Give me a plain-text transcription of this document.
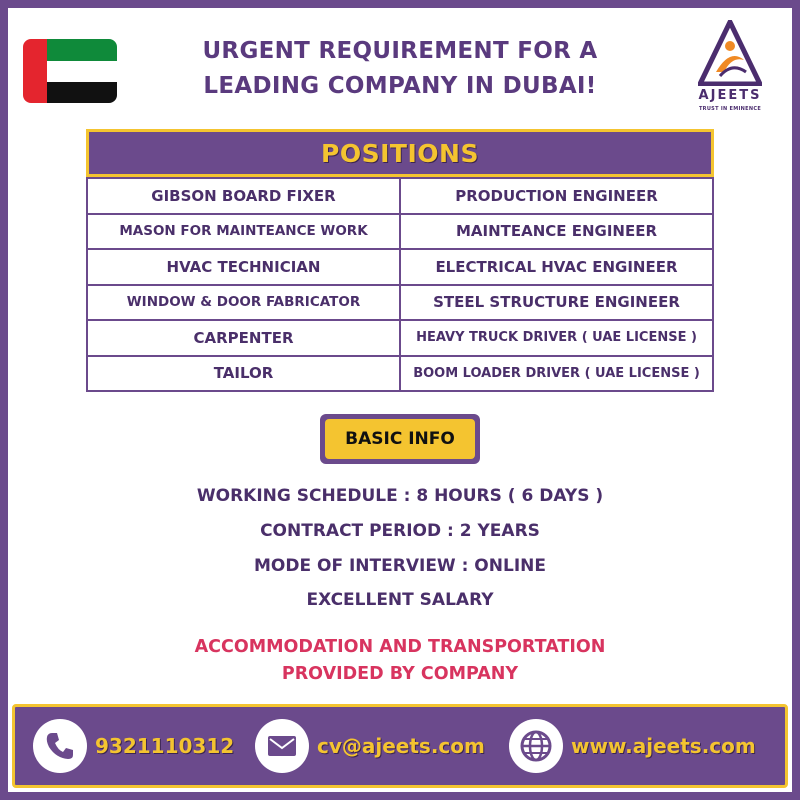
URGENT REQUIREMENT FOR A
LEADING COMPANY IN DUBAI!	AJEETS
TRUST IN EMINENCE
POSITIONS
GIBSON BOARD FIXER	PRODUCTION ENGINEER
MASON FOR MAINTEANCE WORK	MAINTEANCE ENGINEER
HVAC TECHNICIAN	ELECTRICAL HVAC ENGINEER
WINDOW & DOOR FABRICATOR	STEEL STRUCTURE ENGINEER
CARPENTER	HEAVY TRUCK DRIVER ( UAE LICENSE )
TAILOR	BOOM LOADER DRIVER ( UAE LICENSE )
BASIC INFO
WORKING SCHEDULE : 8 HOURS ( 6 DAYS )
CONTRACT PERIOD : 2 YEARS
MODE OF INTERVIEW : ONLINE
EXCELLENT SALARY
ACCOMMODATION AND TRANSPORTATION
PROVIDED BY COMPANY
9321110312	cv@ajeets.com	www.ajeets.com
